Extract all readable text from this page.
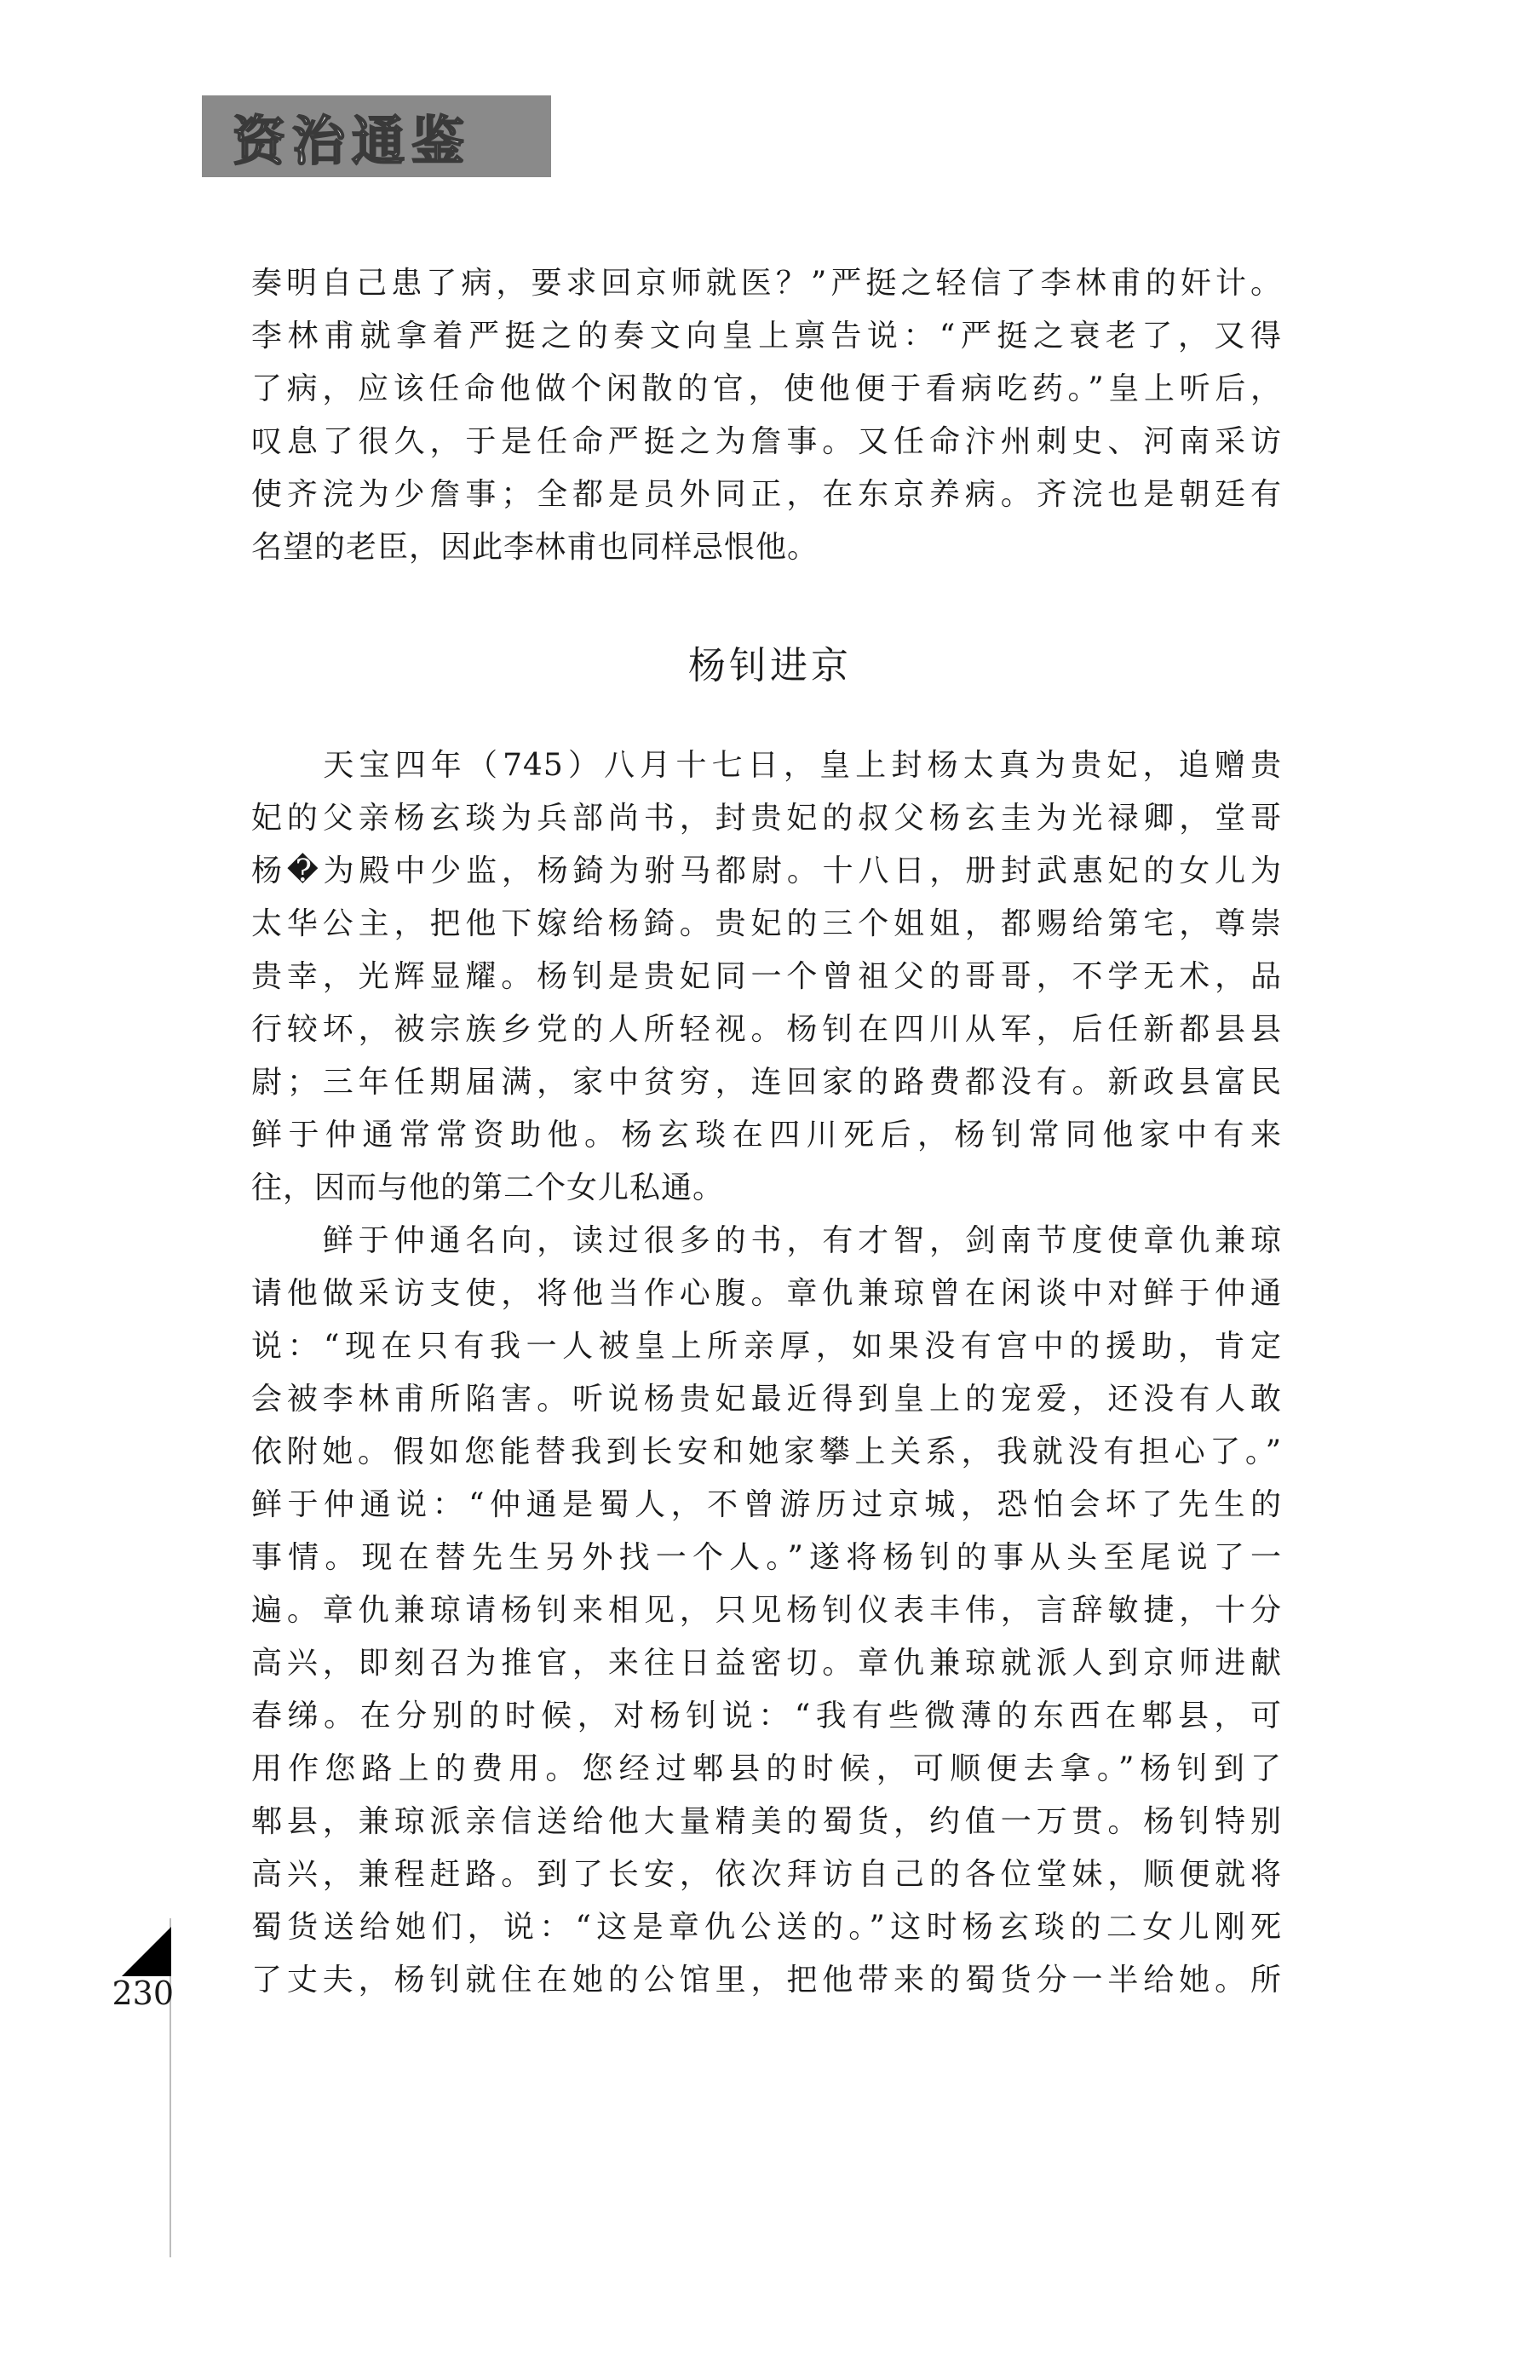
资治通鉴
奏明自己患了病，要求回京师就医？”严挺之轻信了李林甫的奸计。
李林甫就拿着严挺之的奏文向皇上禀告说：“严挺之衰老了，又得
了病，应该任命他做个闲散的官，使他便于看病吃药。”皇上听后，
叹息了很久，于是任命严挺之为詹事。又任命汴州刺史、河南采访
使齐浣为少詹事；全都是员外同正，在东京养病。齐浣也是朝廷有
名望的老臣，因此李林甫也同样忌恨他。
杨钊进京
　　天宝四年（745）八月十七日，皇上封杨太真为贵妃，追赠贵
妃的父亲杨玄琰为兵部尚书，封贵妃的叔父杨玄圭为光禄卿，堂哥
杨�为殿中少监，杨錡为驸马都尉。十八日，册封武惠妃的女儿为
太华公主，把他下嫁给杨錡。贵妃的三个姐姐，都赐给第宅，尊崇
贵幸，光辉显耀。杨钊是贵妃同一个曾祖父的哥哥，不学无术，品
行较坏，被宗族乡党的人所轻视。杨钊在四川从军，后任新都县县
尉；三年任期届满，家中贫穷，连回家的路费都没有。新政县富民
鲜于仲通常常资助他。杨玄琰在四川死后，杨钊常同他家中有来
往，因而与他的第二个女儿私通。
　　鲜于仲通名向，读过很多的书，有才智，剑南节度使章仇兼琼
请他做采访支使，将他当作心腹。章仇兼琼曾在闲谈中对鲜于仲通
说：“现在只有我一人被皇上所亲厚，如果没有宫中的援助，肯定
会被李林甫所陷害。听说杨贵妃最近得到皇上的宠爱，还没有人敢
依附她。假如您能替我到长安和她家攀上关系，我就没有担心了。”
鲜于仲通说：“仲通是蜀人，不曾游历过京城，恐怕会坏了先生的
事情。现在替先生另外找一个人。”遂将杨钊的事从头至尾说了一
遍。章仇兼琼请杨钊来相见，只见杨钊仪表丰伟，言辞敏捷，十分
高兴，即刻召为推官，来往日益密切。章仇兼琼就派人到京师进献
春绨。在分别的时候，对杨钊说：“我有些微薄的东西在郫县，可
用作您路上的费用。您经过郫县的时候，可顺便去拿。”杨钊到了
郫县，兼琼派亲信送给他大量精美的蜀货，约值一万贯。杨钊特别
高兴，兼程赶路。到了长安，依次拜访自己的各位堂妹，顺便就将
蜀货送给她们，说：“这是章仇公送的。”这时杨玄琰的二女儿刚死
了丈夫，杨钊就住在她的公馆里，把他带来的蜀货分一半给她。所
230
